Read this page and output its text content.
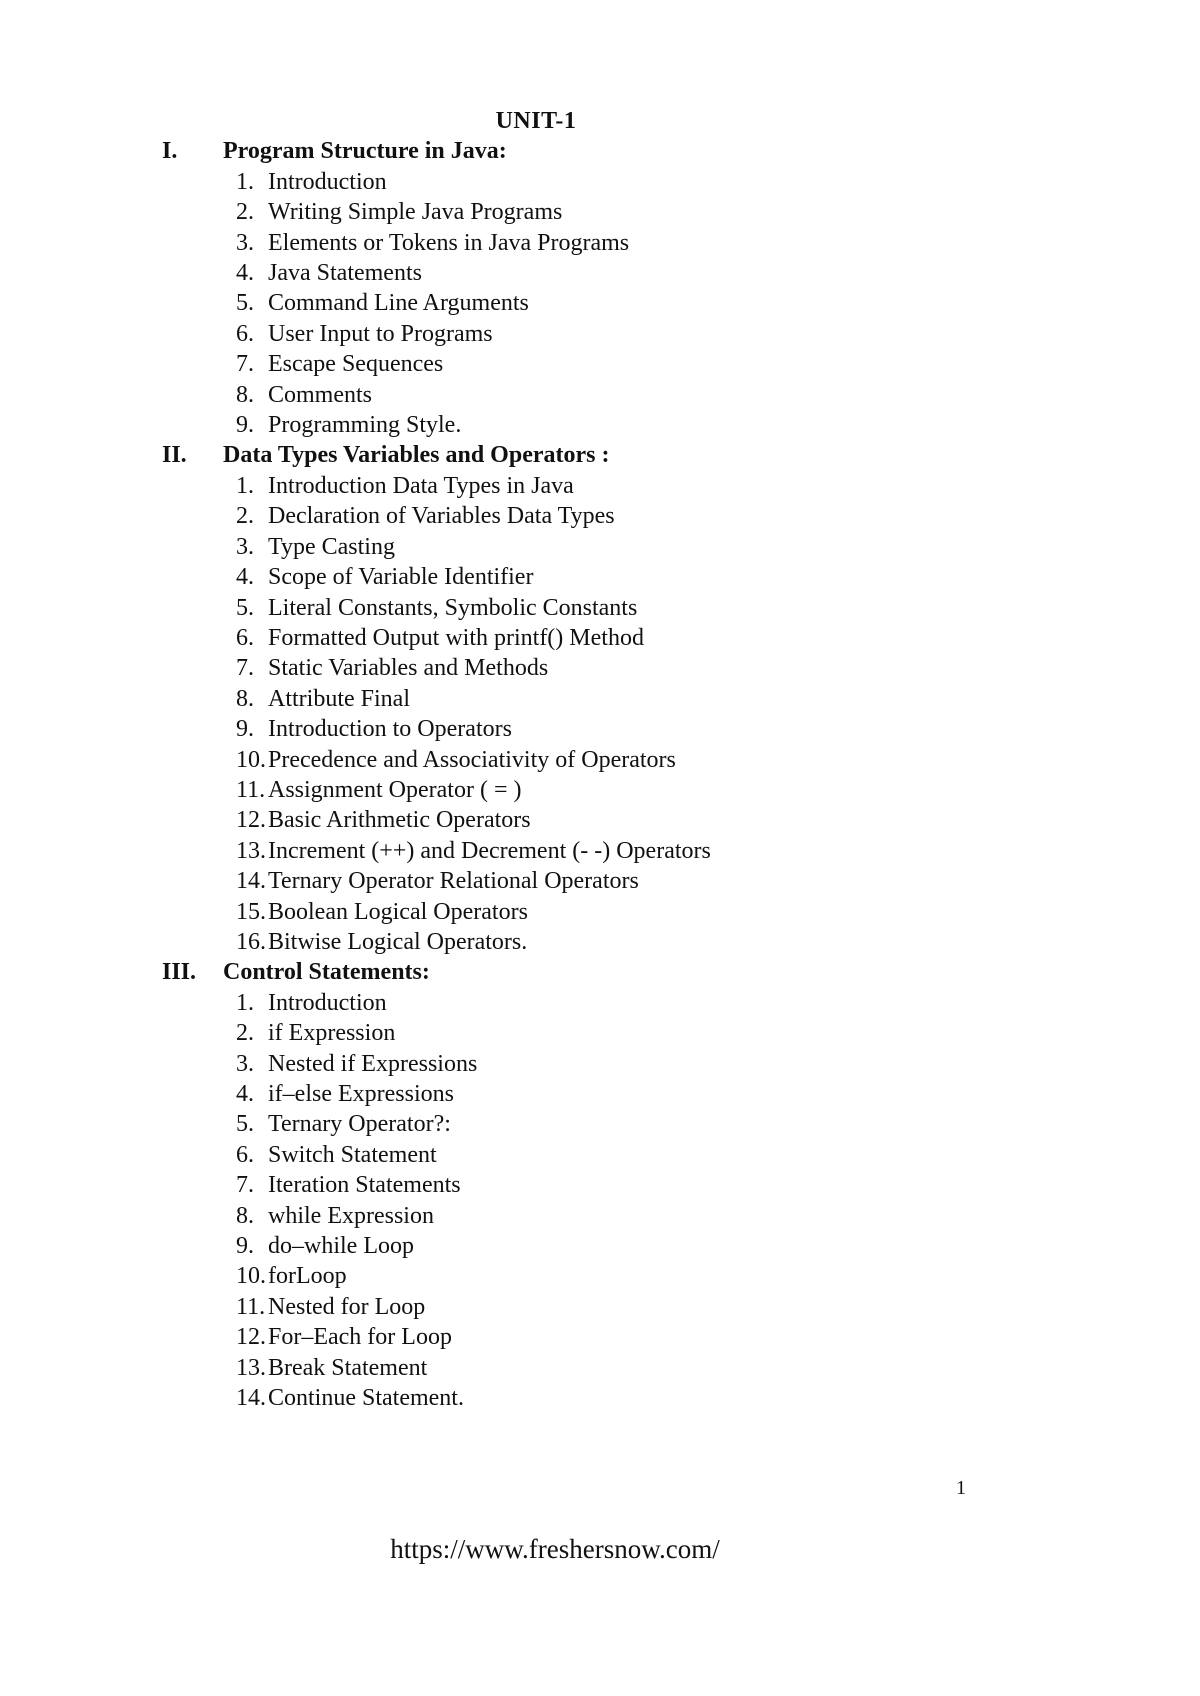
UNIT-1
I. Program Structure in Java:
1. Introduction
2. Writing Simple Java Programs
3. Elements or Tokens in Java Programs
4. Java Statements
5. Command Line Arguments
6. User Input to Programs
7. Escape Sequences
8. Comments
9. Programming Style.
II. Data Types Variables and Operators :
1. Introduction Data Types in Java
2. Declaration of Variables Data Types
3. Type Casting
4. Scope of Variable Identifier
5. Literal Constants, Symbolic Constants
6. Formatted Output with printf() Method
7. Static Variables and Methods
8. Attribute Final
9. Introduction to Operators
10.Precedence and Associativity of Operators
11. Assignment Operator ( = )
12.Basic Arithmetic Operators
13.Increment (++) and Decrement (- -) Operators
14.Ternary Operator Relational Operators
15.Boolean Logical Operators
16.Bitwise Logical Operators.
III. Control Statements:
1. Introduction
2. if Expression
3. Nested if Expressions
4. if–else Expressions
5. Ternary Operator?:
6. Switch Statement
7. Iteration Statements
8. while Expression
9. do–while Loop
10.forLoop
11. Nested for Loop
12.For–Each for Loop
13.Break Statement
14.Continue Statement.
1
https://www.freshersnow.com/
